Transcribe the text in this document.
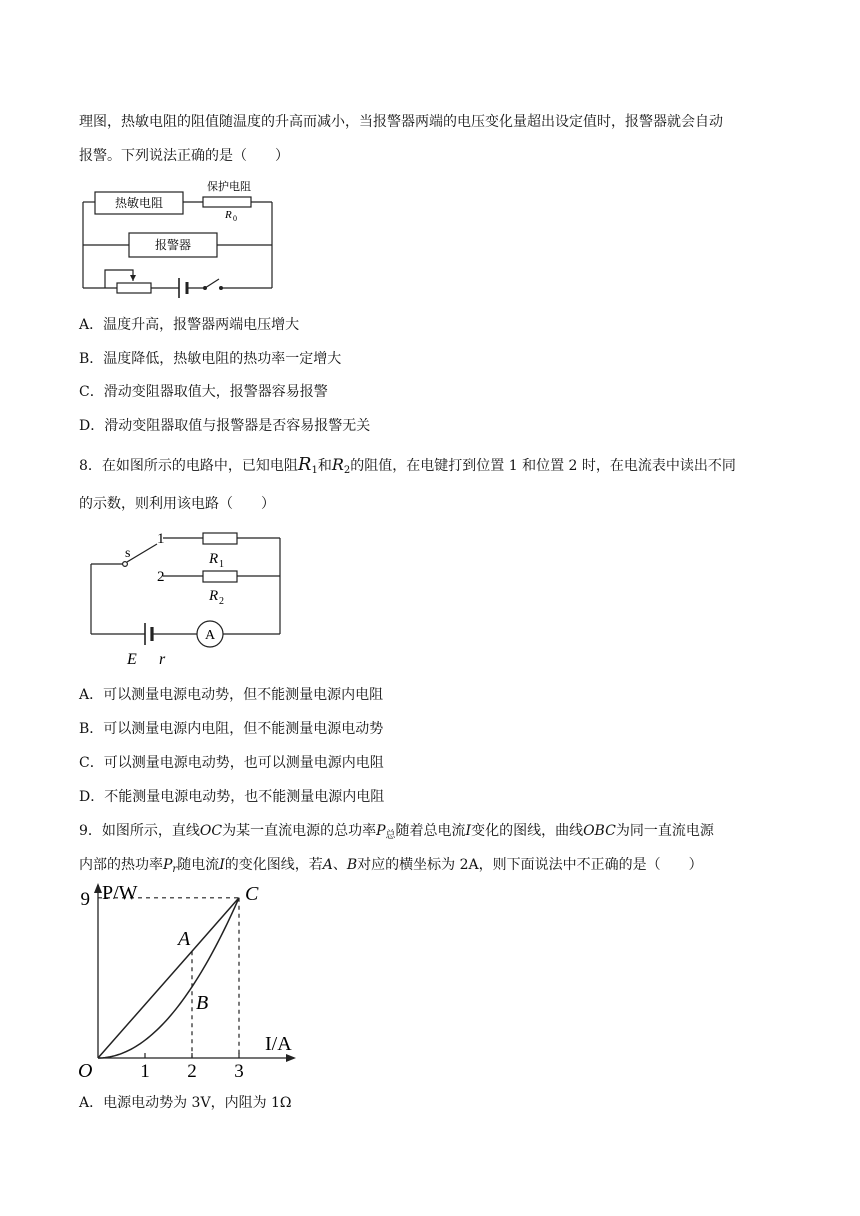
理图，热敏电阻的阻值随温度的升高而减小，当报警器两端的电压变化量超出设定值时，报警器就会自动
报警。下列说法正确的是（　　）
热敏电阻
保护电阻
R 0
报警器
A．温度升高，报警器两端电压增大
B．温度降低，热敏电阻的热功率一定增大
C．滑动变阻器取值大，报警器容易报警
D．滑动变阻器取值与报警器是否容易报警无关
8．在如图所示的电路中，已知电阻$R_1$和$R_2$的阻值，在电键打到位置 1 和位置 2 时，在电流表中读出不同
的示数，则利用该电路（　　）
s
1
2
R 1
R 2
E r
A
A．可以测量电源电动势，但不能测量电源内电阻
B．可以测量电源内电阻，但不能测量电源电动势
C．可以测量电源电动势，也可以测量电源内电阻
D．不能测量电源电动势，也不能测量电源内电阻
9．如图所示，直线OC为某一直流电源的总功率$P_总$随着总电流I变化的图线，曲线OBC为同一直流电源
内部的热功率$P_r$随电流I的变化图线，若A、B对应的横坐标为 2A，则下面说法中不正确的是（　　）
1 2 3
9
A
B
C
P/W
I/A
O
A．电源电动势为 3V，内阻为 1Ω
